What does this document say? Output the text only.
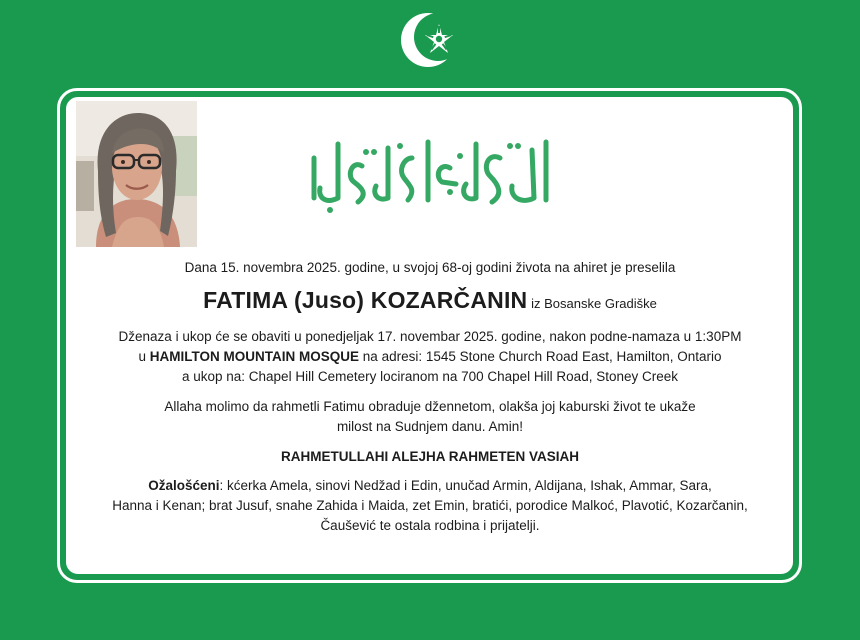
Dana 15. novembra 2025. godine, u svojoj 68-oj godini života na ahiret je preselila
FATIMA (Juso) KOZARČANIN iz Bosanske Gradiške
Dženaza i ukop će se obaviti u ponedjeljak 17. novembar 2025. godine, nakon podne-namaza u 1:30PM
u HAMILTON MOUNTAIN MOSQUE na adresi: 1545 Stone Church Road East, Hamilton, Ontario
a ukop na: Chapel Hill Cemetery lociranom na 700 Chapel Hill Road, Stoney Creek
Allaha molimo da rahmetli Fatimu obraduje džennetom, olakša joj kaburski život te ukaže
milost na Sudnjem danu. Amin!
RAHMETULLAHI ALEJHA RAHMETEN VASIAH
Ožalošćeni: kćerka Amela, sinovi Nedžad i Edin, unučad Armin, Aldijana, Ishak, Ammar, Sara,
Hanna i Kenan; brat Jusuf, snahe Zahida i Maida, zet Emin, bratići, porodice Malkoć, Plavotić, Kozarčanin,
Čaušević te ostala rodbina i prijatelji.
